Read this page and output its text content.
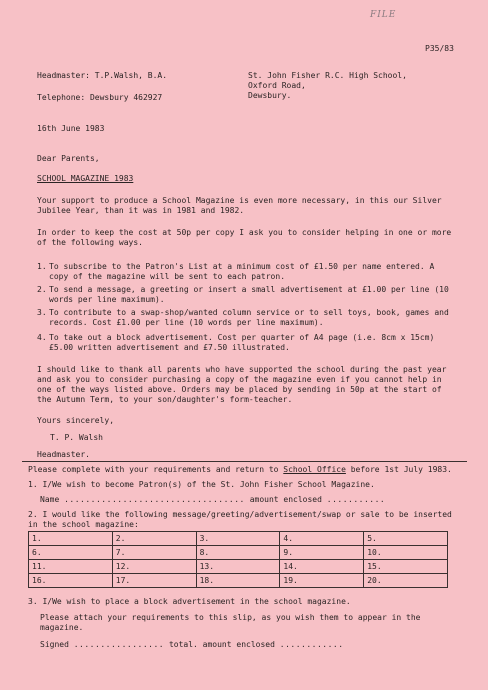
FILE
P35/83
Headmaster: T.P.Walsh, B.A.
Telephone: Dewsbury 462927
St. John Fisher R.C. High School,
Oxford Road,
Dewsbury.
16th June 1983
Dear Parents,
SCHOOL MAGAZINE 1983
Your support to produce a School Magazine is even more necessary, in this our Silver Jubilee Year, than it was in 1981 and 1982.
In order to keep the cost at 50p per copy I ask you to consider helping in one or more of the following ways.
1. To subscribe to the Patron's List at a minimum cost of £1.50 per name entered. A copy of the magazine will be sent to each patron.
2. To send a message, a greeting or insert a small advertisement at £1.00 per line (10 words per line maximum).
3. To contribute to a swap-shop/wanted column service or to sell toys, book, games and records. Cost £1.00 per line (10 words per line maximum).
4. To take out a block advertisement. Cost per quarter of A4 page (i.e. 8cm x 15cm) £5.00 written advertisement and £7.50 illustrated.
I should like to thank all parents who have supported the school during the past year and ask you to consider purchasing a copy of the magazine even if you cannot help in one of the ways listed above. Orders may be placed by sending in 50p at the start of the Autumn Term, to your son/daughter's form-teacher.
Yours sincerely,
T. P. Walsh
Headmaster.
Please complete with your requirements and return to School Office before 1st July 1983.
1. I/We wish to become Patron(s) of the St. John Fisher School Magazine.
Name .................................. amount enclosed ...........
2. I would like the following message/greeting/advertisement/swap or sale to be inserted in the school magazine:
1.	2.	3.	4.	5.
6.	7.	8.	9.	10.
11.	12.	13.	14.	15.
16.	17.	18.	19.	20.
3. I/We wish to place a block advertisement in the school magazine.
Please attach your requirements to this slip, as you wish them to appear in the magazine.
Signed ................. total. amount enclosed ............
